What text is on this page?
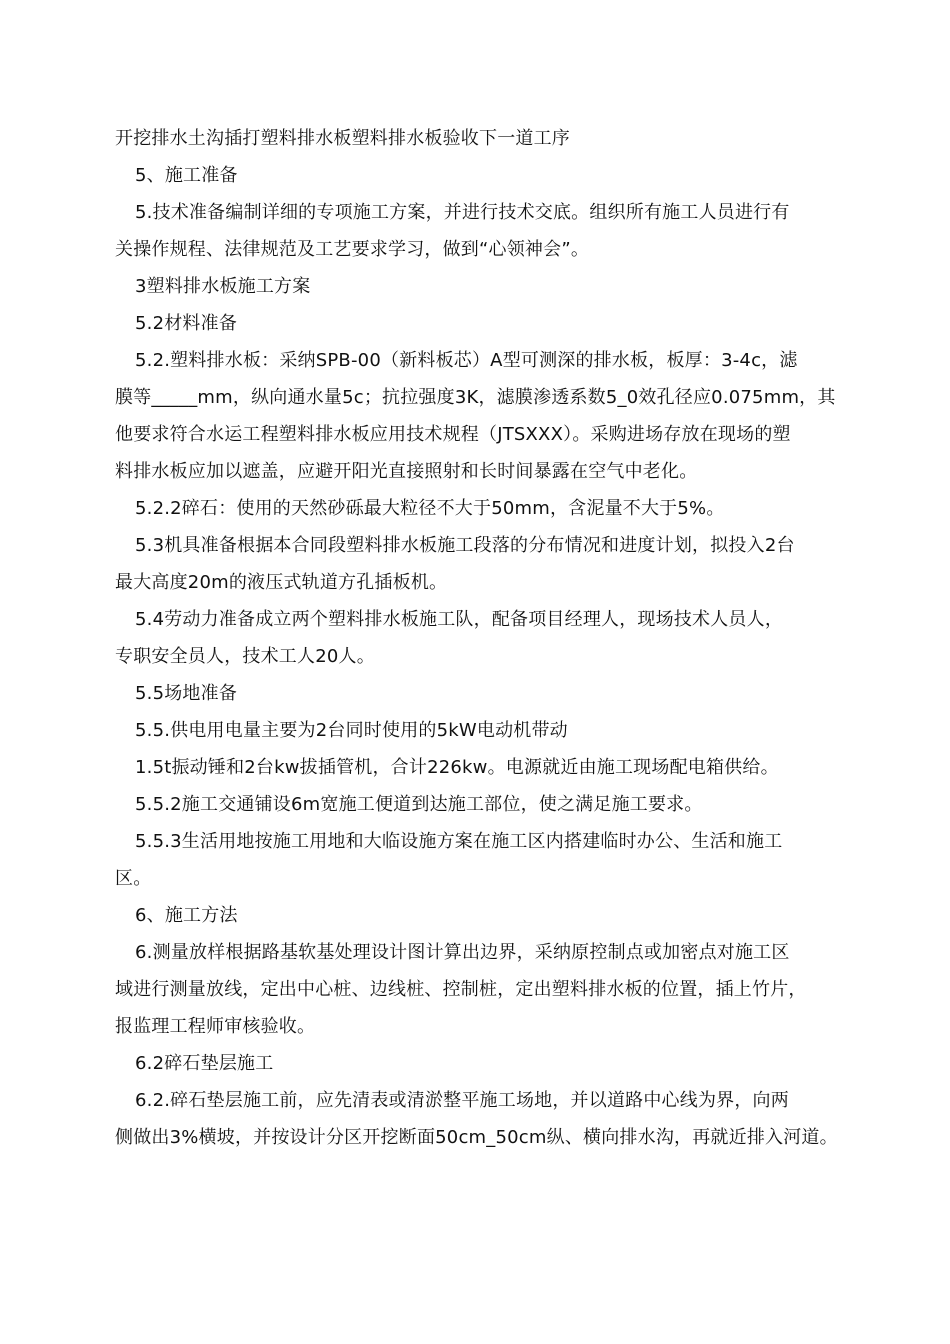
开挖排水土沟插打塑料排水板塑料排水板验收下一道工序
5、施工准备
5.技术准备编制详细的专项施工方案，并进行技术交底。组织所有施工人员进行有
关操作规程、法律规范及工艺要求学习，做到“心领神会”。
3塑料排水板施工方案
5.2材料准备
5.2.塑料排水板：采纳SPB-00（新料板芯）A型可测深的排水板，板厚：3-4c，滤
膜等_____mm，纵向通水量5c；抗拉强度3K，滤膜渗透系数5_0效孔径应0.075mm，其
他要求符合水运工程塑料排水板应用技术规程（JTSXXX）。采购进场存放在现场的塑
料排水板应加以遮盖，应避开阳光直接照射和长时间暴露在空气中老化。
5.2.2碎石：使用的天然砂砾最大粒径不大于50mm，含泥量不大于5%。
5.3机具准备根据本合同段塑料排水板施工段落的分布情况和进度计划，拟投入2台
最大高度20m的液压式轨道方孔插板机。
5.4劳动力准备成立两个塑料排水板施工队，配备项目经理人，现场技术人员人，
专职安全员人，技术工人20人。
5.5场地准备
5.5.供电用电量主要为2台同时使用的5kW电动机带动
1.5t振动锤和2台kw拔插管机，合计226kw。电源就近由施工现场配电箱供给。
5.5.2施工交通铺设6m宽施工便道到达施工部位，使之满足施工要求。
5.5.3生活用地按施工用地和大临设施方案在施工区内搭建临时办公、生活和施工
区。
6、施工方法
6.测量放样根据路基软基处理设计图计算出边界，采纳原控制点或加密点对施工区
域进行测量放线，定出中心桩、边线桩、控制桩，定出塑料排水板的位置，插上竹片，
报监理工程师审核验收。
6.2碎石垫层施工
6.2.碎石垫层施工前，应先清表或清淤整平施工场地，并以道路中心线为界，向两
侧做出3%横坡，并按设计分区开挖断面50cm_50cm纵、横向排水沟，再就近排入河道。
